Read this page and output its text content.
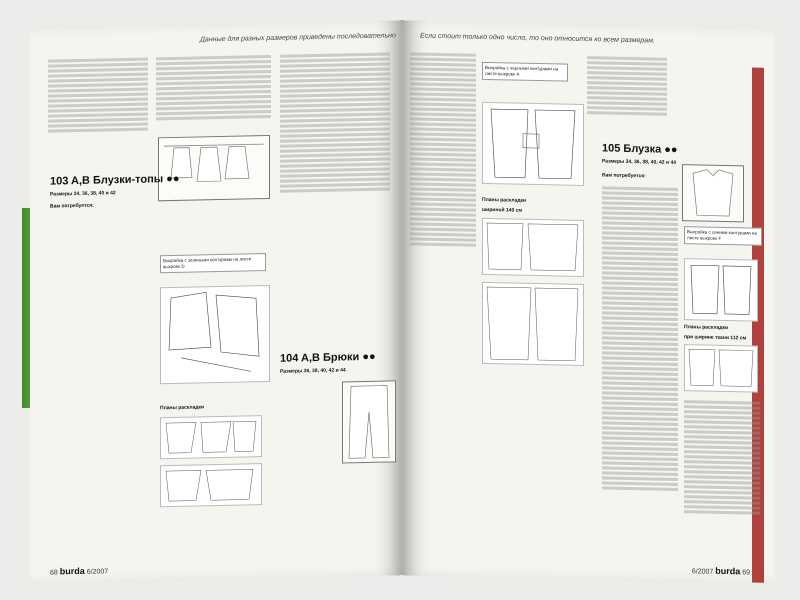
Данные для разных размеров приведены последовательно
103 A,B Блузки-топы ●●
Размеры 34, 36, 38, 40 и 42
Вам потребуется:
Выкройка с зелеными контурами на листе выкроек D
Планы раскладки
104 A,B Брюки ●●
Размеры 36, 38, 40, 42 и 44
68 burda 6/2007
Если стоит только одно число, то оно относится ко всем размерам.
Выкройка с черными контурами на листе выкроек A
Планы раскладки
шириной 140 см
105 Блузка ●●
Размеры 34, 36, 38, 40, 42 и 44
Вам потребуется:
Выкройка с синими контурами на листе выкроек F
Планы раскладки
при ширине ткани 112 см
6/2007 burda 69
